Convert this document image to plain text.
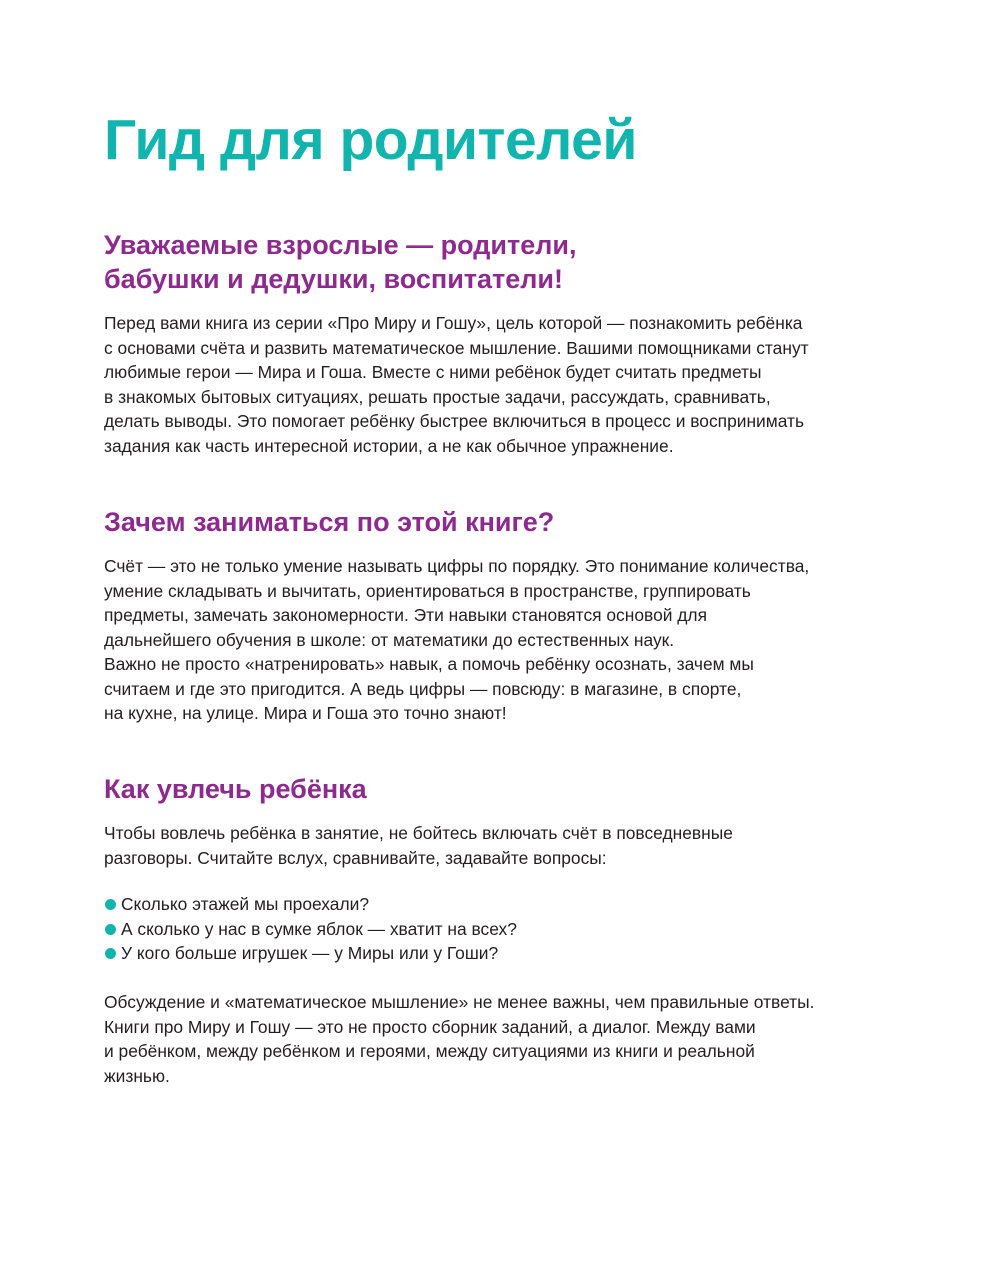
Гид для родителей
Уважаемые взрослые — родители,
бабушки и дедушки, воспитатели!

Перед вами книга из серии «Про Миру и Гошу», цель которой — познакомить ребёнка
с основами счёта и развить математическое мышление. Вашими помощниками станут
любимые герои — Мира и Гоша. Вместе с ними ребёнок будет считать предметы
в знакомых бытовых ситуациях, решать простые задачи, рассуждать, сравнивать,
делать выводы. Это помогает ребёнку быстрее включиться в процесс и воспринимать
задания как часть интересной истории, а не как обычное упражнение.

Зачем заниматься по этой книге?

Счёт — это не только умение называть цифры по порядку. Это понимание количества,
умение складывать и вычитать, ориентироваться в пространстве, группировать
предметы, замечать закономерности. Эти навыки становятся основой для
дальнейшего обучения в школе: от математики до естественных наук.
Важно не просто «натренировать» навык, а помочь ребёнку осознать, зачем мы
считаем и где это пригодится. А ведь цифры — повсюду: в магазине, в спорте,
на кухне, на улице. Мира и Гоша это точно знают!

Как увлечь ребёнка

Чтобы вовлечь ребёнка в занятие, не бойтесь включать счёт в повседневные
разговоры. Считайте вслух, сравнивайте, задавайте вопросы:

Сколько этажей мы проехали?
А сколько у нас в сумке яблок — хватит на всех?
У кого больше игрушек — у Миры или у Гоши?

Обсуждение и «математическое мышление» не менее важны, чем правильные ответы.
Книги про Миру и Гошу — это не просто сборник заданий, а диалог. Между вами
и ребёнком, между ребёнком и героями, между ситуациями из книги и реальной
жизнью.
